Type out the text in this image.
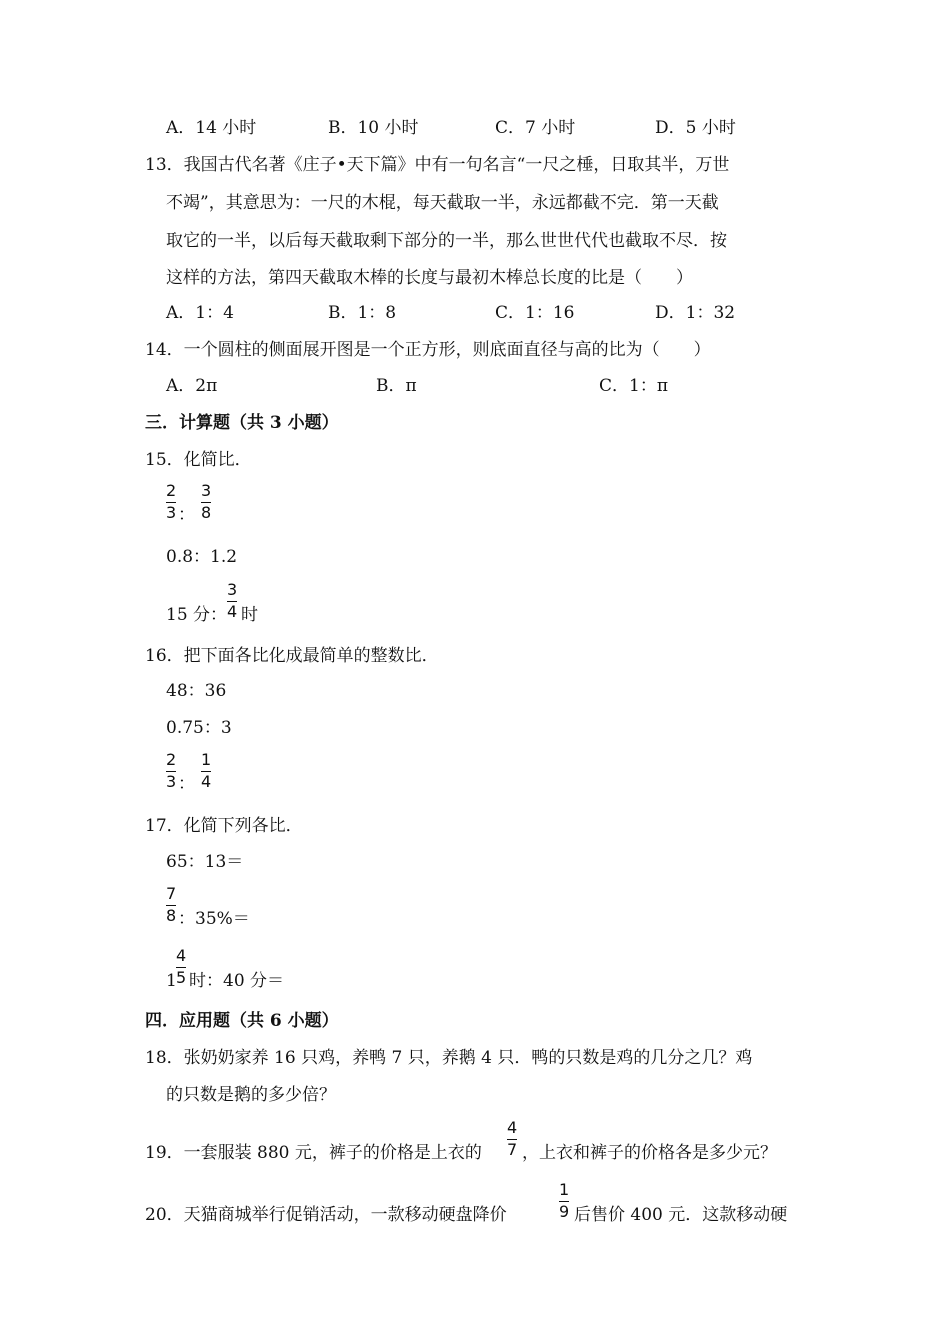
A．14 小时	B．10 小时	C．7 小时	D．5 小时
13．我国古代名著《庄子•天下篇》中有一句名言“一尺之棰，日取其半，万世
不竭”，其意思为：一尺的木棍，每天截取一半，永远都截不完．第一天截
取它的一半，以后每天截取剩下部分的一半，那么世世代代也截取不尽．按
这样的方法，第四天截取木棒的长度与最初木棒总长度的比是（　　）
A．1：4	B．1：8	C．1：16	D．1：32
14．一个圆柱的侧面展开图是一个正方形，则底面直径与高的比为（　　）
A．2π	B．π	C．1：π
三．计算题（共 3 小题）
15．化简比．
2
3 ：
3
8
0.8：1.2
15 分：
3
4 时
16．把下面各比化成最简单的整数比．
48：36
0.75：3
2
3 ：
1
4
17．化简下列各比．
65：13＝
7
8 ：35%＝
1
4
5 时：40 分＝
四．应用题（共 6 小题）
18．张奶奶家养 16 只鸡，养鸭 7 只，养鹅 4 只．鸭的只数是鸡的几分之几？鸡
的只数是鹅的多少倍？
19．一套服装 880 元，裤子的价格是上衣的
4
7 ，上衣和裤子的价格各是多少元？
20．天猫商城举行促销活动，一款移动硬盘降价
1
9 后售价 400 元．这款移动硬
